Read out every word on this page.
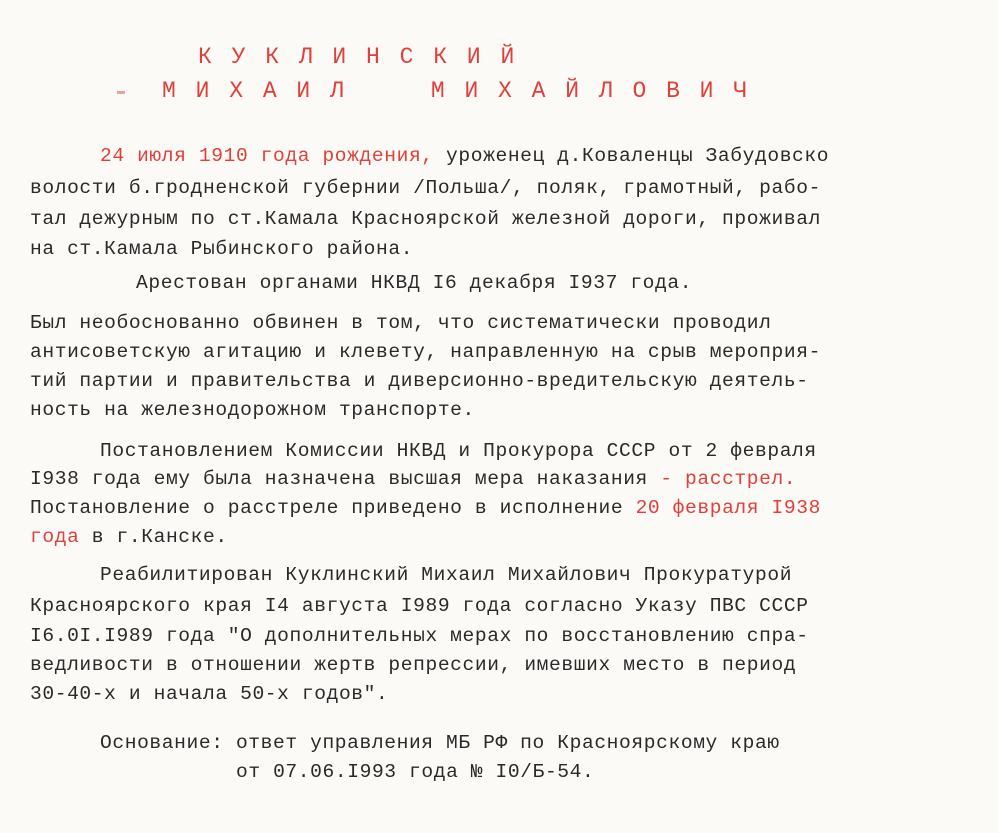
К У К Л И Н С К И Й
М И Х А И Л     М И Х А Й Л О В И Ч
24 июля 1910 года рождения, уроженец д.Коваленцы Забудовско
волости б.гродненской губернии /Польша/, поляк, грамотный, рабо-
тал дежурным по ст.Камала Красноярской железной дороги, проживал
на ст.Камала Рыбинского района.
Арестован органами НКВД I6 декабря I937 года.
Был необоснованно обвинен в том, что систематически проводил
антисоветскую агитацию и клевету, направленную на срыв мероприя-
тий партии и правительства и диверсионно-вредительскую деятель-
ность на железнодорожном транспорте.
Постановлением Комиссии НКВД и Прокурора СССР от 2 февраля
I938 года ему была назначена высшая мера наказания - расстрел.
Постановление о расстреле приведено в исполнение 20 февраля I938
года в г.Канске.
Реабилитирован Куклинский Михаил Михайлович Прокуратурой
Красноярского края I4 августа I989 года согласно Указу ПВС СССР
I6.0I.I989 года "О дополнительных мерах по восстановлению спра-
ведливости в отношении жертв репрессии, имевших место в период
30-40-х и начала 50-х годов".
Основание: ответ управления МБ РФ по Красноярскому краю
от 07.06.I993 года № I0/Б-54.
